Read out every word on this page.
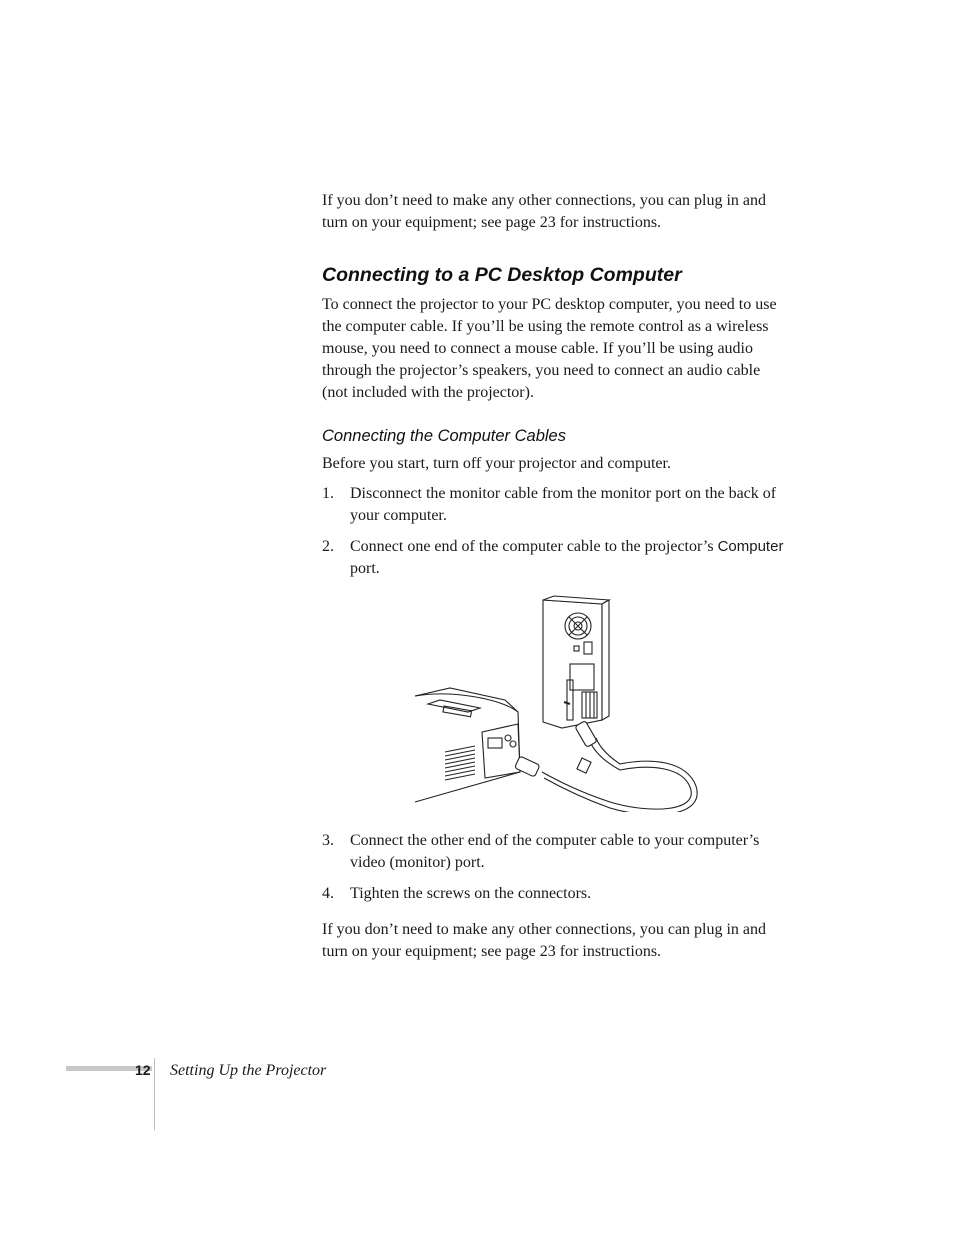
If you don’t need to make any other connections, you can plug in and turn on your equipment; see page 23 for instructions.

Connecting to a PC Desktop Computer

To connect the projector to your PC desktop computer, you need to use the computer cable. If you’ll be using the remote control as a wireless mouse, you need to connect a mouse cable. If you’ll be using audio through the projector’s speakers, you need to connect an audio cable (not included with the projector).

Connecting the Computer Cables

Before you start, turn off your projector and computer.

1. Disconnect the monitor cable from the monitor port on the back of your computer.
2. Connect one end of the computer cable to the projector’s Computer port.
3. Connect the other end of the computer cable to your computer’s video (monitor) port.
4. Tighten the screws on the connectors.

If you don’t need to make any other connections, you can plug in and turn on your equipment; see page 23 for instructions.

12 Setting Up the Projector
